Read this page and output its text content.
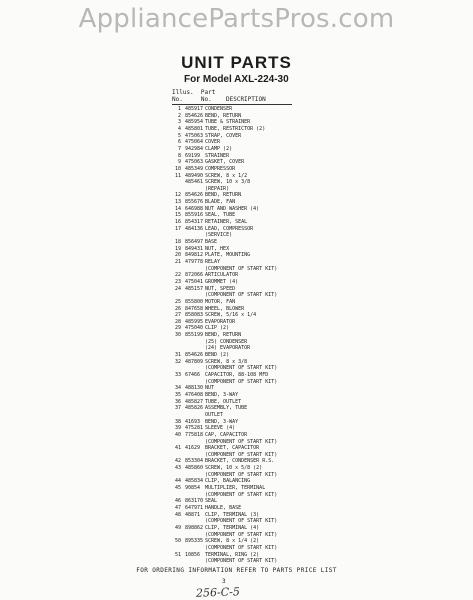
AppliancePartsPros.com
UNIT PARTS
For Model AXL-224-30
Illus. Part
No.	No. DESCRIPTION
1 485917 CONDENSER
2 854626 BEND, RETURN
3 485954 TUBE & STRAINER
4 485801 TUBE, RESTRICTOR (2)
5 475063 STRAP, COVER
6 475064 COVER
7 942984 CLAMP (2)
8 69199 STRAINER
9 475063 GASKET, COVER
10 485349 COMPRESSOR
11 489490 SCREW, 8 x 1/2
485461 SCREW, 10 x 3/8
(REPAIR)
12 854626 BEND, RETURN
13 855676 BLADE, FAN
14 646988 NUT AND WASHER (4)
15 855916 SEAL, TUBE
16 854317 RETAINER, SEAL
17 484136 LEAD, COMPRESSOR
(SERVICE)
18 856497 BASE
19 849431 NUT, HEX
20 849812 PLATE, MOUNTING
21 479778 RELAY
(COMPONENT OF START KIT)
22 872066 ARTICULATOR
23 475041 GROMMET (4)
24 485157 NUT, SPEED
(COMPONENT OF START KIT)
25 855800 MOTOR, FAN
26 847658 WHEEL, BLOWER
27 858083 SCREW, 5/16 x 1/4
28 485995 EVAPORATOR
29 475040 CLIP (2)
30 855199 BEND, RETURN
(25) CONDENSER
(24) EVAPORATOR
31 854626 BEND (2)
32 487809 SCREW, 8 x 3/8
(COMPONENT OF START KIT)
33 67466 CAPACITOR, 88-108 MFD
(COMPONENT OF START KIT)
34 488130 NUT
35 476408 BEND, 3-WAY
36 485827 TUBE, OUTLET
37 485826 ASSEMBLY, TUBE
OUTLET
38 41693 BEND, 3-WAY
39 475281 SLEEVE (4)
40 775818 CAP, CAPACITOR
(COMPONENT OF START KIT)
41 41629 BRACKET, CAPACITOR
(COMPONENT OF START KIT)
42 853304 BRACKET, CONDENSER R.S.
43 485860 SCREW, 10 x 5/8 (2)
(COMPONENT OF START KIT)
44 485834 CLIP, BALANCING
45 90854 MULTIPLIER, TERMINAL
(COMPONENT OF START KIT)
46 863170 SEAL
47 647971 HANDLE, BASE
48 48871 CLIP, TERMINAL (3)
(COMPONENT OF START KIT)
49 898862 CLIP, TERMINAL (4)
(COMPONENT OF START KIT)
50 895335 SCREW, 8 x 1/4 (2)
(COMPONENT OF START KIT)
51 10856 TERMINAL, RING (2)
(COMPONENT OF START KIT)
FOR ORDERING INFORMATION REFER TO PARTS PRICE LIST
3
256-C-5
